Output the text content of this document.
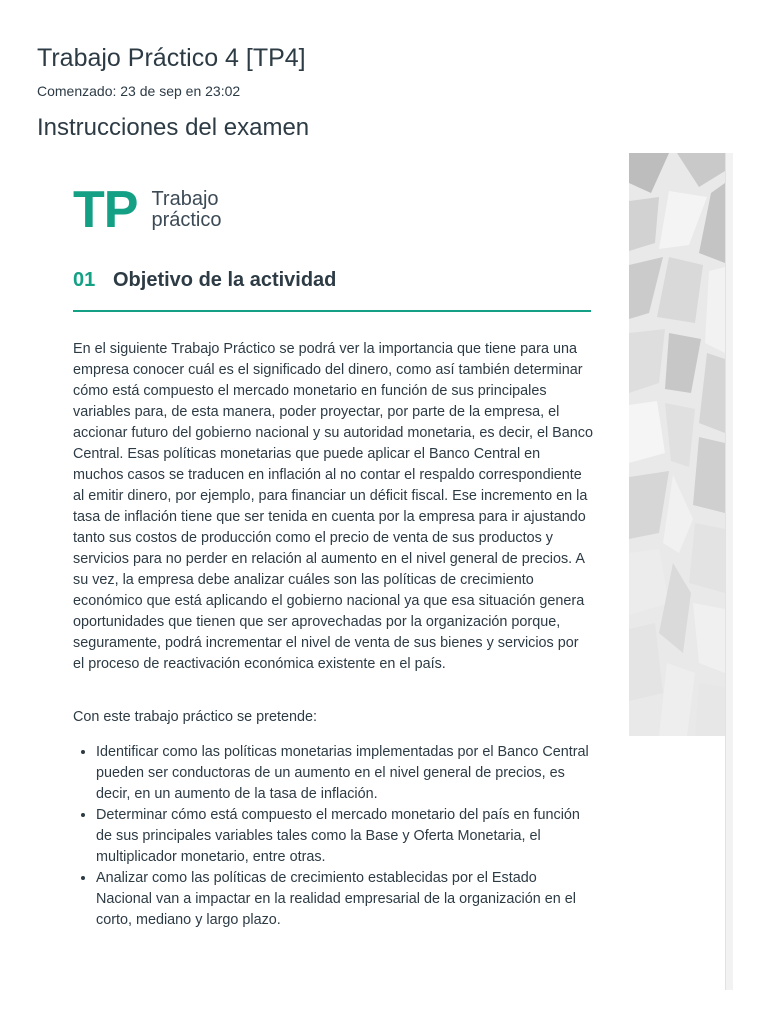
Trabajo Práctico 4 [TP4]
Comenzado: 23 de sep en 23:02
Instrucciones del examen
TP Trabajo
práctico
01 Objetivo de la actividad

En el siguiente Trabajo Práctico se podrá ver la importancia que tiene para una empresa conocer cuál es el significado del dinero, como así también determinar cómo está compuesto el mercado monetario en función de sus principales variables para, de esta manera, poder proyectar, por parte de la empresa, el accionar futuro del gobierno nacional y su autoridad monetaria, es decir, el Banco Central. Esas políticas monetarias que puede aplicar el Banco Central en muchos casos se traducen en inflación al no contar el respaldo correspondiente al emitir dinero, por ejemplo, para financiar un déficit fiscal. Ese incremento en la tasa de inflación tiene que ser tenida en cuenta por la empresa para ir ajustando tanto sus costos de producción como el precio de venta de sus productos y servicios para no perder en relación al aumento en el nivel general de precios. A su vez, la empresa debe analizar cuáles son las políticas de crecimiento económico que está aplicando el gobierno nacional ya que esa situación genera oportunidades que tienen que ser aprovechadas por la organización porque, seguramente, podrá incrementar el nivel de venta de sus bienes y servicios por el proceso de reactivación económica existente en el país.

Con este trabajo práctico se pretende:

• Identificar como las políticas monetarias implementadas por el Banco Central pueden ser conductoras de un aumento en el nivel general de precios, es decir, en un aumento de la tasa de inflación.
• Determinar cómo está compuesto el mercado monetario del país en función de sus principales variables tales como la Base y Oferta Monetaria, el multiplicador monetario, entre otras.
• Analizar como las políticas de crecimiento establecidas por el Estado Nacional van a impactar en la realidad empresarial de la organización en el corto, mediano y largo plazo.
